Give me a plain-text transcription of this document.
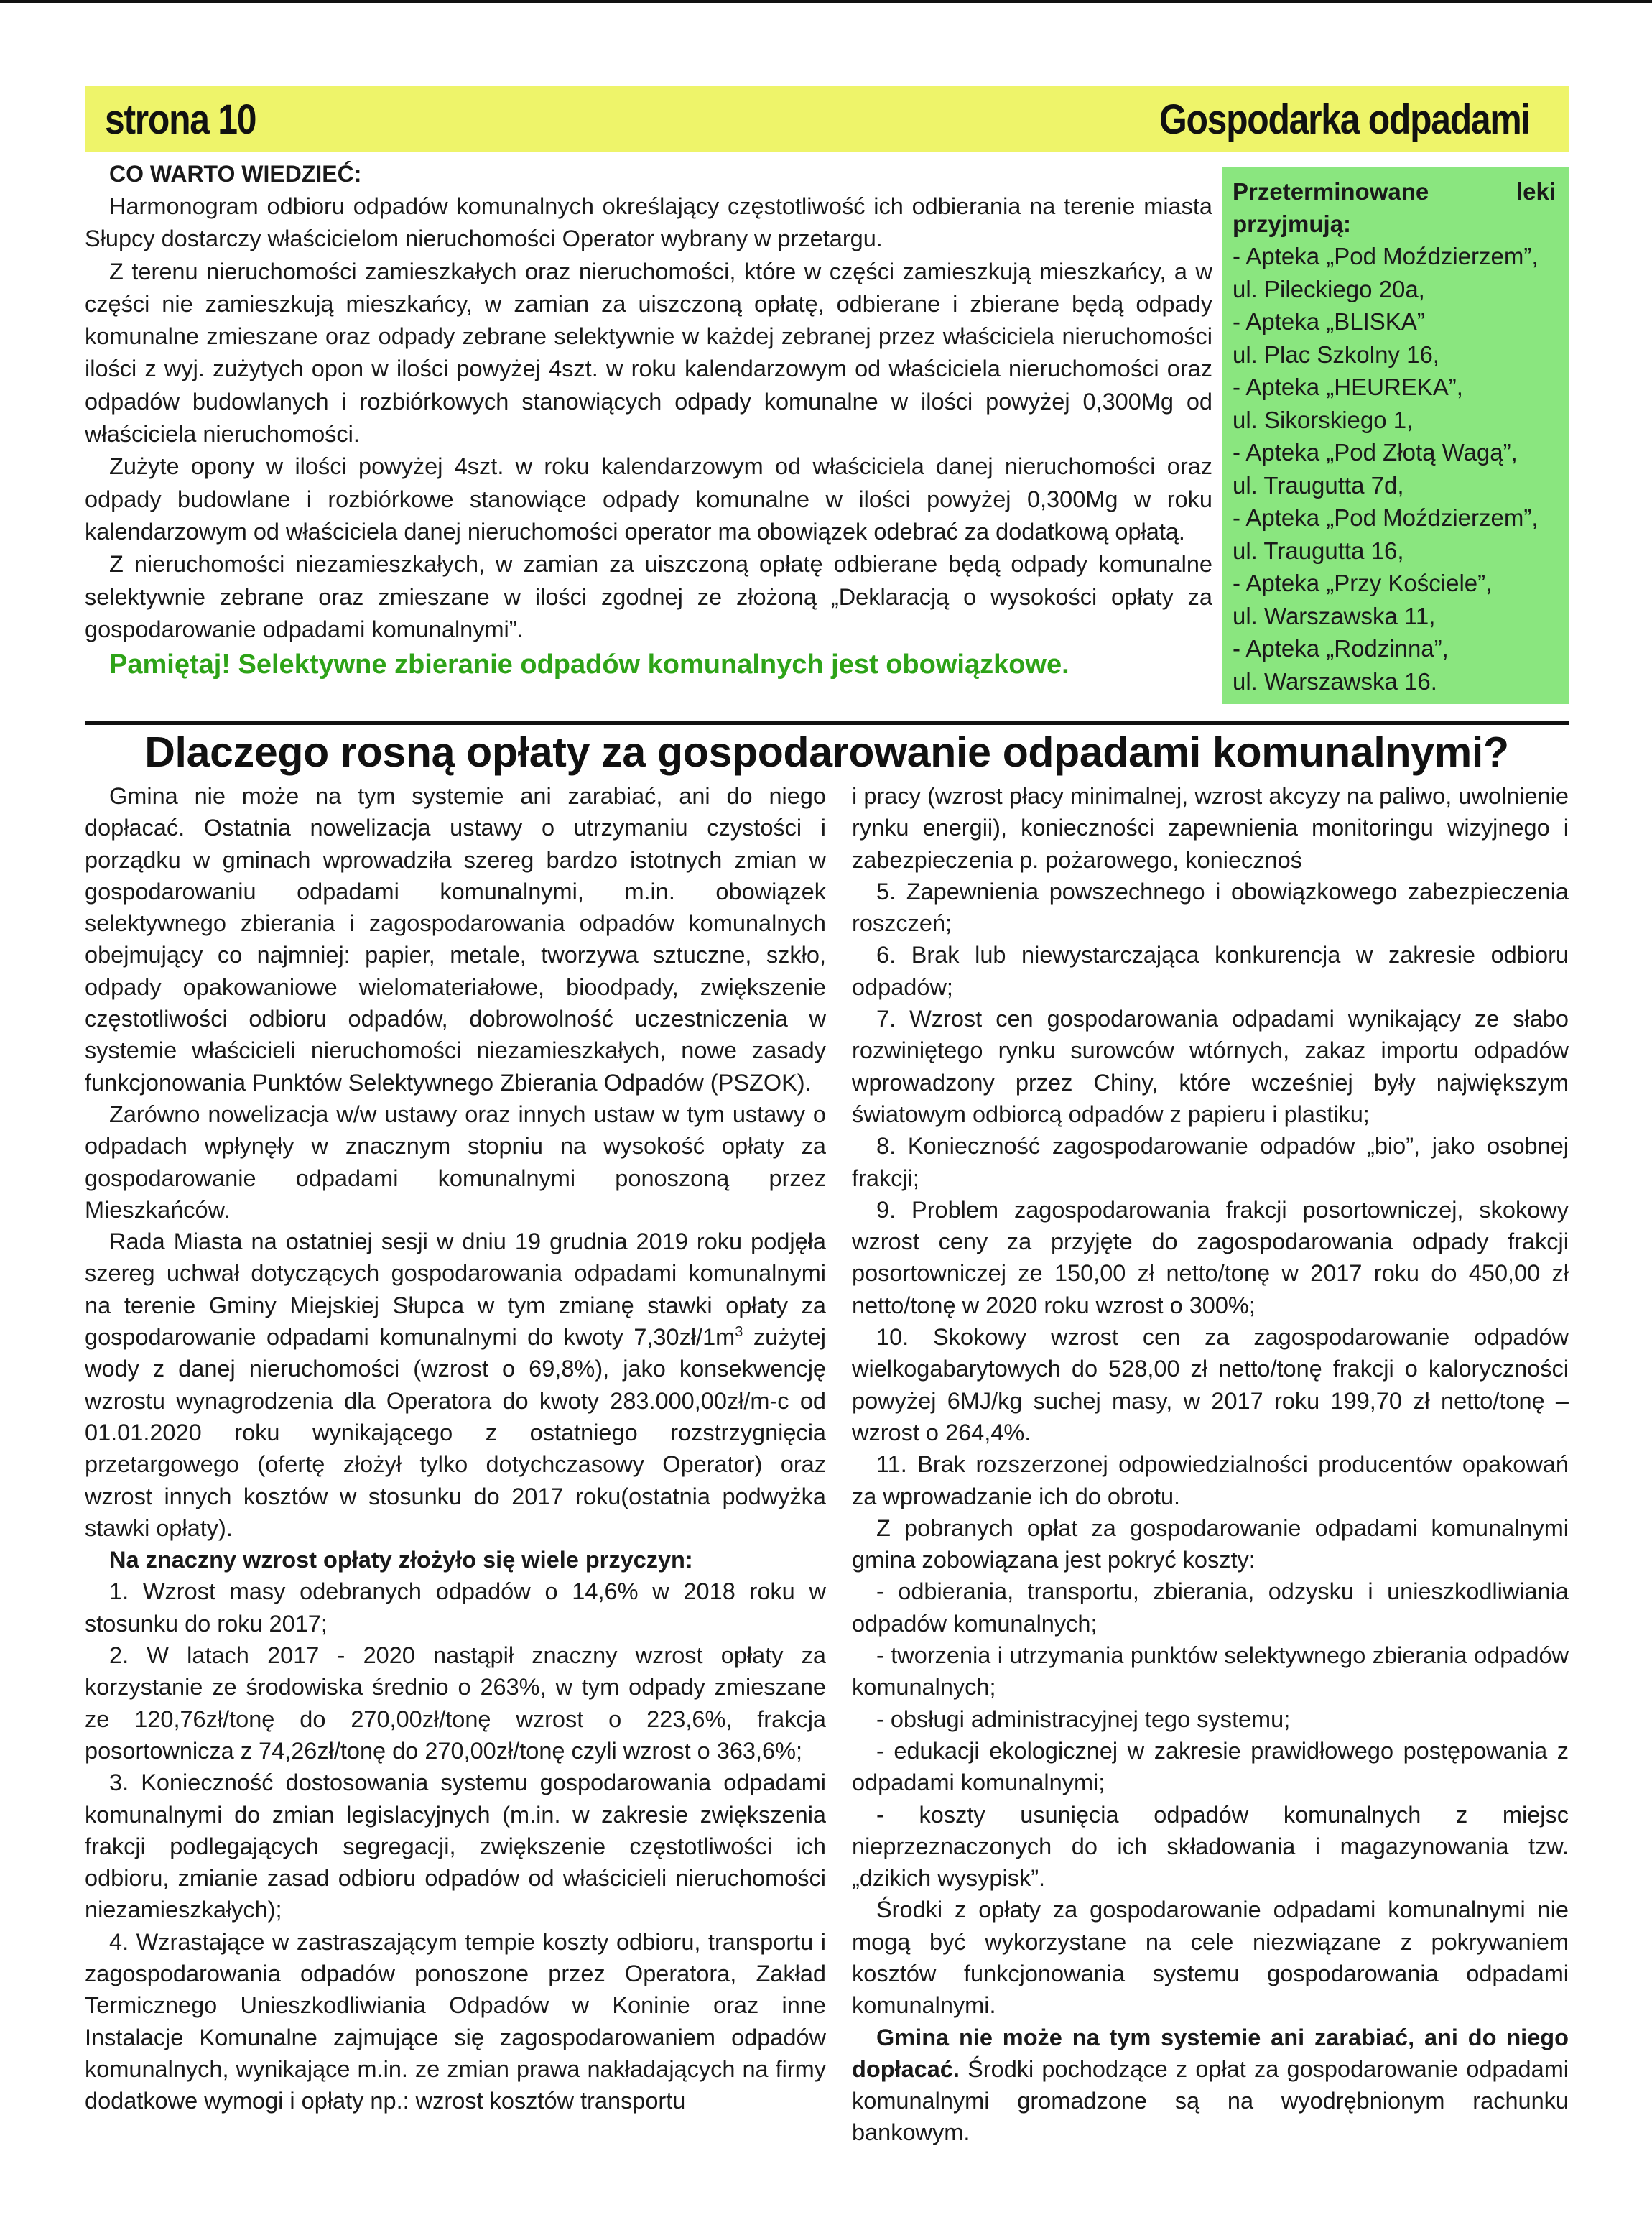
strona 10	Gospodarka odpadami
CO WARTO WIEDZIEĆ:

Harmonogram odbioru odpadów komunalnych określający częstotliwość ich odbierania na terenie miasta Słupcy dostarczy właścicielom nieruchomości Operator wybrany w przetargu.

Z terenu nieruchomości zamieszkałych oraz nieruchomości, które w części zamieszkują mieszkańcy, a w części nie zamieszkują mieszkańcy, w zamian za uiszczoną opłatę, odbierane i zbierane będą odpady komunalne zmieszane oraz odpady zebrane selektywnie w każdej zebranej przez właściciela nieruchomości ilości z wyj. zużytych opon w ilości powyżej 4szt. w roku kalendarzowym od właściciela nieruchomości oraz odpadów budowlanych i rozbiórkowych stanowiących odpady komunalne w ilości powyżej 0,300Mg od właściciela nieruchomości.

Zużyte opony w ilości powyżej 4szt. w roku kalendarzowym od właściciela danej nieruchomości oraz odpady budowlane i rozbiórkowe stanowiące odpady komunalne w ilości powyżej 0,300Mg w roku kalendarzowym od właściciela danej nieruchomości operator ma obowiązek odebrać za dodatkową opłatą.

Z nieruchomości niezamieszkałych, w zamian za uiszczoną opłatę odbierane będą odpady komunalne selektywnie zebrane oraz zmieszane w ilości zgodnej ze złożoną „Deklaracją o wysokości opłaty za gospodarowanie odpadami komunalnymi”.

Pamiętaj! Selektywne zbieranie odpadów komunalnych jest obowiązkowe.

Przeterminowane leki
przyjmują:
- Apteka „Pod Moździerzem”,
ul. Pileckiego 20a,
- Apteka „BLISKA”
ul. Plac Szkolny 16,
- Apteka „HEUREKA”,
ul. Sikorskiego 1,
- Apteka „Pod Złotą Wagą”,
ul. Traugutta 7d,
- Apteka „Pod Moździerzem”,
ul. Traugutta 16,
- Apteka „Przy Kościele”,
ul. Warszawska 11,
- Apteka „Rodzinna”,
ul. Warszawska 16.
Dlaczego rosną opłaty za gospodarowanie odpadami komunalnymi?

Gmina nie może na tym systemie ani zarabiać, ani do niego dopłacać. Ostatnia nowelizacja ustawy o utrzymaniu czystości i porządku w gminach wprowadziła szereg bardzo istotnych zmian w gospodarowaniu odpadami komunalnymi, m.in. obowiązek selektywnego zbierania i zagospodarowania odpadów komunalnych obejmujący co najmniej: papier, metale, tworzywa sztuczne, szkło, odpady opakowaniowe wielomateriałowe, bioodpady, zwiększenie częstotliwości odbioru odpadów, dobrowolność uczestniczenia w systemie właścicieli nieruchomości niezamieszkałych, nowe zasady funkcjonowania Punktów Selektywnego Zbierania Odpadów (PSZOK).

Zarówno nowelizacja w/w ustawy oraz innych ustaw w tym ustawy o odpadach wpłynęły w znacznym stopniu na wysokość opłaty za gospodarowanie odpadami komunalnymi ponoszoną przez Mieszkańców.

Rada Miasta na ostatniej sesji w dniu 19 grudnia 2019 roku podjęła szereg uchwał dotyczących gospodarowania odpadami komunalnymi na terenie Gminy Miejskiej Słupca w tym zmianę stawki opłaty za gospodarowanie odpadami komunalnymi do kwoty $7,30zł/1m^3$ zużytej wody z danej nieruchomości (wzrost o 69,8%), jako konsekwencję wzrostu wynagrodzenia dla Operatora do kwoty 283.000,00zł/m-c od 01.01.2020 roku wynikającego z ostatniego rozstrzygnięcia przetargowego (ofertę złożył tylko dotychczasowy Operator) oraz wzrost innych kosztów w stosunku do 2017 roku(ostatnia podwyżka stawki opłaty).

Na znaczny wzrost opłaty złożyło się wiele przyczyn:

1. Wzrost masy odebranych odpadów o 14,6% w 2018 roku w stosunku do roku 2017;

2. W latach 2017 - 2020 nastąpił znaczny wzrost opłaty za korzystanie ze środowiska średnio o 263%, w tym odpady zmieszane ze 120,76zł/tonę do 270,00zł/tonę wzrost o 223,6%, frakcja posortownicza z 74,26zł/tonę do 270,00zł/tonę czyli wzrost o 363,6%;

3. Konieczność dostosowania systemu gospodarowania odpadami komunalnymi do zmian legislacyjnych (m.in. w zakresie zwiększenia frakcji podlegających segregacji, zwiększenie częstotliwości ich odbioru, zmianie zasad odbioru odpadów od właścicieli nieruchomości niezamieszkałych);

4. Wzrastające w zastraszającym tempie koszty odbioru, transportu i zagospodarowania odpadów ponoszone przez Operatora, Zakład Termicznego Unieszkodliwiania Odpadów w Koninie oraz inne Instalacje Komunalne zajmujące się zagospodarowaniem odpadów komunalnych, wynikające m.in. ze zmian prawa nakładających na firmy dodatkowe wymogi i opłaty np.: wzrost kosztów transportu

i pracy (wzrost płacy minimalnej, wzrost akcyzy na paliwo, uwolnienie rynku energii), konieczności zapewnienia monitoringu wizyjnego i zabezpieczenia p. pożarowego, koniecznoś

5. Zapewnienia powszechnego i obowiązkowego zabezpieczenia roszczeń;

6. Brak lub niewystarczająca konkurencja w zakresie odbioru odpadów;

7. Wzrost cen gospodarowania odpadami wynikający ze słabo rozwiniętego rynku surowców wtórnych, zakaz importu odpadów wprowadzony przez Chiny, które wcześniej były największym światowym odbiorcą odpadów z papieru i plastiku;

8. Konieczność zagospodarowanie odpadów „bio”, jako osobnej frakcji;

9. Problem zagospodarowania frakcji posortowniczej, skokowy wzrost ceny za przyjęte do zagospodarowania odpady frakcji posortowniczej ze 150,00 zł netto/tonę w 2017 roku do 450,00 zł netto/tonę w 2020 roku wzrost o 300%;

10. Skokowy wzrost cen za zagospodarowanie odpadów wielkogabarytowych do 528,00 zł netto/tonę frakcji o kaloryczności powyżej 6MJ/kg suchej masy, w 2017 roku 199,70 zł netto/tonę – wzrost o 264,4%.

11. Brak rozszerzonej odpowiedzialności producentów opakowań za wprowadzanie ich do obrotu.

Z pobranych opłat za gospodarowanie odpadami komunalnymi gmina zobowiązana jest pokryć koszty:

- odbierania, transportu, zbierania, odzysku i unieszkodliwiania odpadów komunalnych;

- tworzenia i utrzymania punktów selektywnego zbierania odpadów komunalnych;

- obsługi administracyjnej tego systemu;

- edukacji ekologicznej w zakresie prawidłowego postępowania z odpadami komunalnymi;

- koszty usunięcia odpadów komunalnych z miejsc nieprzeznaczonych do ich składowania i magazynowania tzw. „dzikich wysypisk”.

Środki z opłaty za gospodarowanie odpadami komunalnymi nie mogą być wykorzystane na cele niezwiązane z pokrywaniem kosztów funkcjonowania systemu gospodarowania odpadami komunalnymi.

Gmina nie może na tym systemie ani zarabiać, ani do niego dopłacać. Środki pochodzące z opłat za gospodarowanie odpadami komunalnymi gromadzone są na wyodrębnionym rachunku bankowym.
